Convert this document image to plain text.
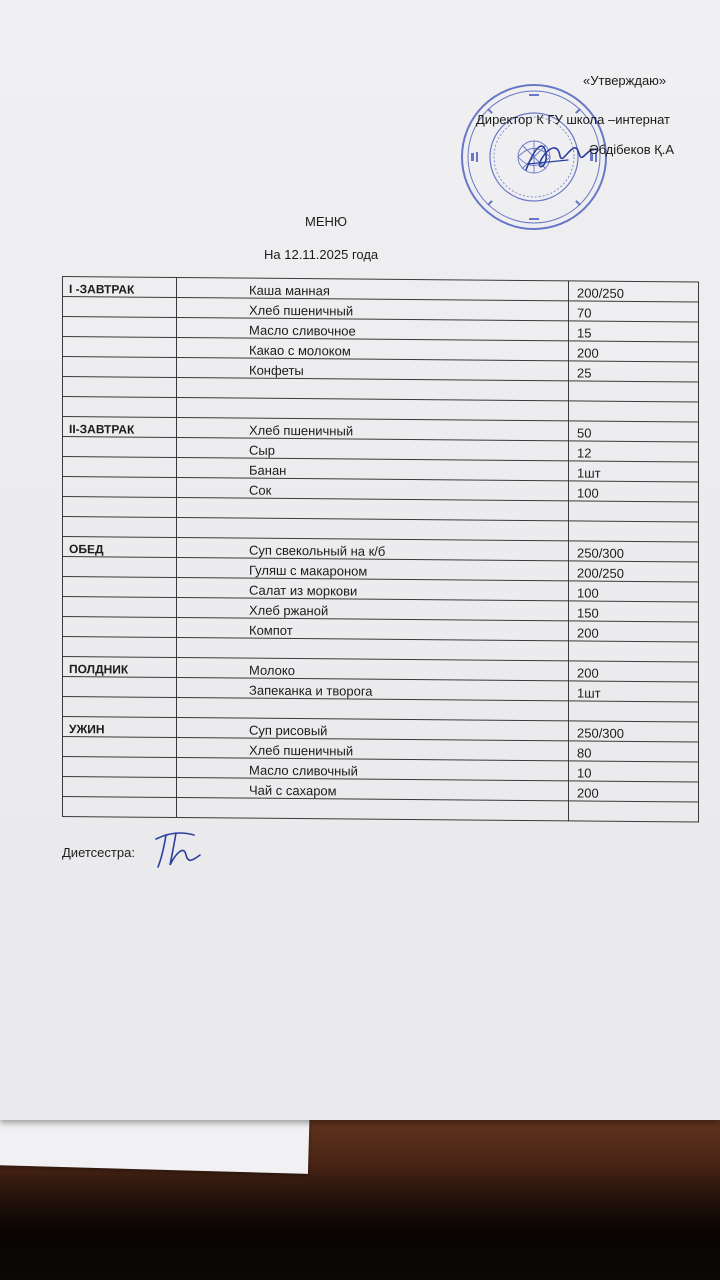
«Утверждаю»
Директор К ГУ школа –интернат
Әбдібеков Қ.А
МЕНЮ
На 12.11.2025 года
I -ЗАВТРАК	Каша манная	200/250
	Хлеб пшеничный	70
	Масло сливочное	15
	Какао с молоком	200
	Конфеты	25

II-ЗАВТРАК	Хлеб пшеничный	50
	Сыр	12
	Банан	1шт
	Сок	100

ОБЕД	Суп свекольный на к/б	250/300
	Гуляш с макароном	200/250
	Салат из моркови	100
	Хлеб ржаной	150
	Компот	200

ПОЛДНИК	Молоко	200
	Запеканка и творога	1шт

УЖИН	Суп рисовый	250/300
	Хлеб пшеничный	80
	Масло сливочный	10
	Чай с сахаром	200

Диетсестра:
